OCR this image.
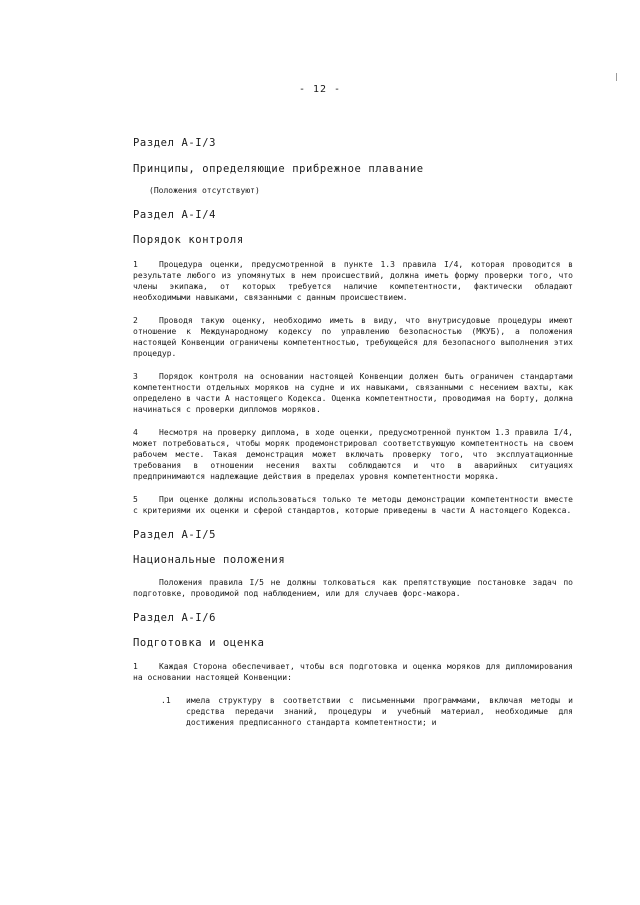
- 12 -

Раздел A-I/3

Принципы, определяющие прибрежное плавание

(Положения отсутствуют)

Раздел A-I/4

Порядок контроля

1	Процедура оценки, предусмотренной в пункте 1.3 правила I/4, которая проводится в результате любого из упомянутых в нем происшествий, должна иметь форму проверки того, что члены экипажа, от которых требуется наличие компетентности, фактически обладают необходимыми навыками, связанными с данным происшествием.

2	Проводя такую оценку, необходимо иметь в виду, что внутрисудовые процедуры имеют отношение к Международному кодексу по управлению безопасностью (МКУБ), а положения настоящей Конвенции ограничены компетентностью, требующейся для безопасного выполнения этих процедур.

3	Порядок контроля на основании настоящей Конвенции должен быть ограничен стандартами компетентности отдельных моряков на судне и их навыками, связанными с несением вахты, как определено в части A настоящего Кодекса. Оценка компетентности, проводимая на борту, должна начинаться с проверки дипломов моряков.

4	Несмотря на проверку диплома, в ходе оценки, предусмотренной пунктом 1.3 правила I/4, может потребоваться, чтобы моряк продемонстрировал соответствующую компетентность на своем рабочем месте. Такая демонстрация может включать проверку того, что эксплуатационные требования в отношении несения вахты соблюдаются и что в аварийных ситуациях предпринимаются надлежащие действия в пределах уровня компетентности моряка.

5	При оценке должны использоваться только те методы демонстрации компетентности вместе с критериями их оценки и сферой стандартов, которые приведены в части A настоящего Кодекса.

Раздел A-I/5

Национальные положения

Положения правила I/5 не должны толковаться как препятствующие постановке задач по подготовке, проводимой под наблюдением, или для случаев форс-мажора.

Раздел A-I/6

Подготовка и оценка

1	Каждая Сторона обеспечивает, чтобы вся подготовка и оценка моряков для дипломирования на основании настоящей Конвенции:

.1 имела структуру в соответствии с письменными программами, включая методы и средства передачи знаний, процедуры и учебный материал, необходимые для достижения предписанного стандарта компетентности; и
